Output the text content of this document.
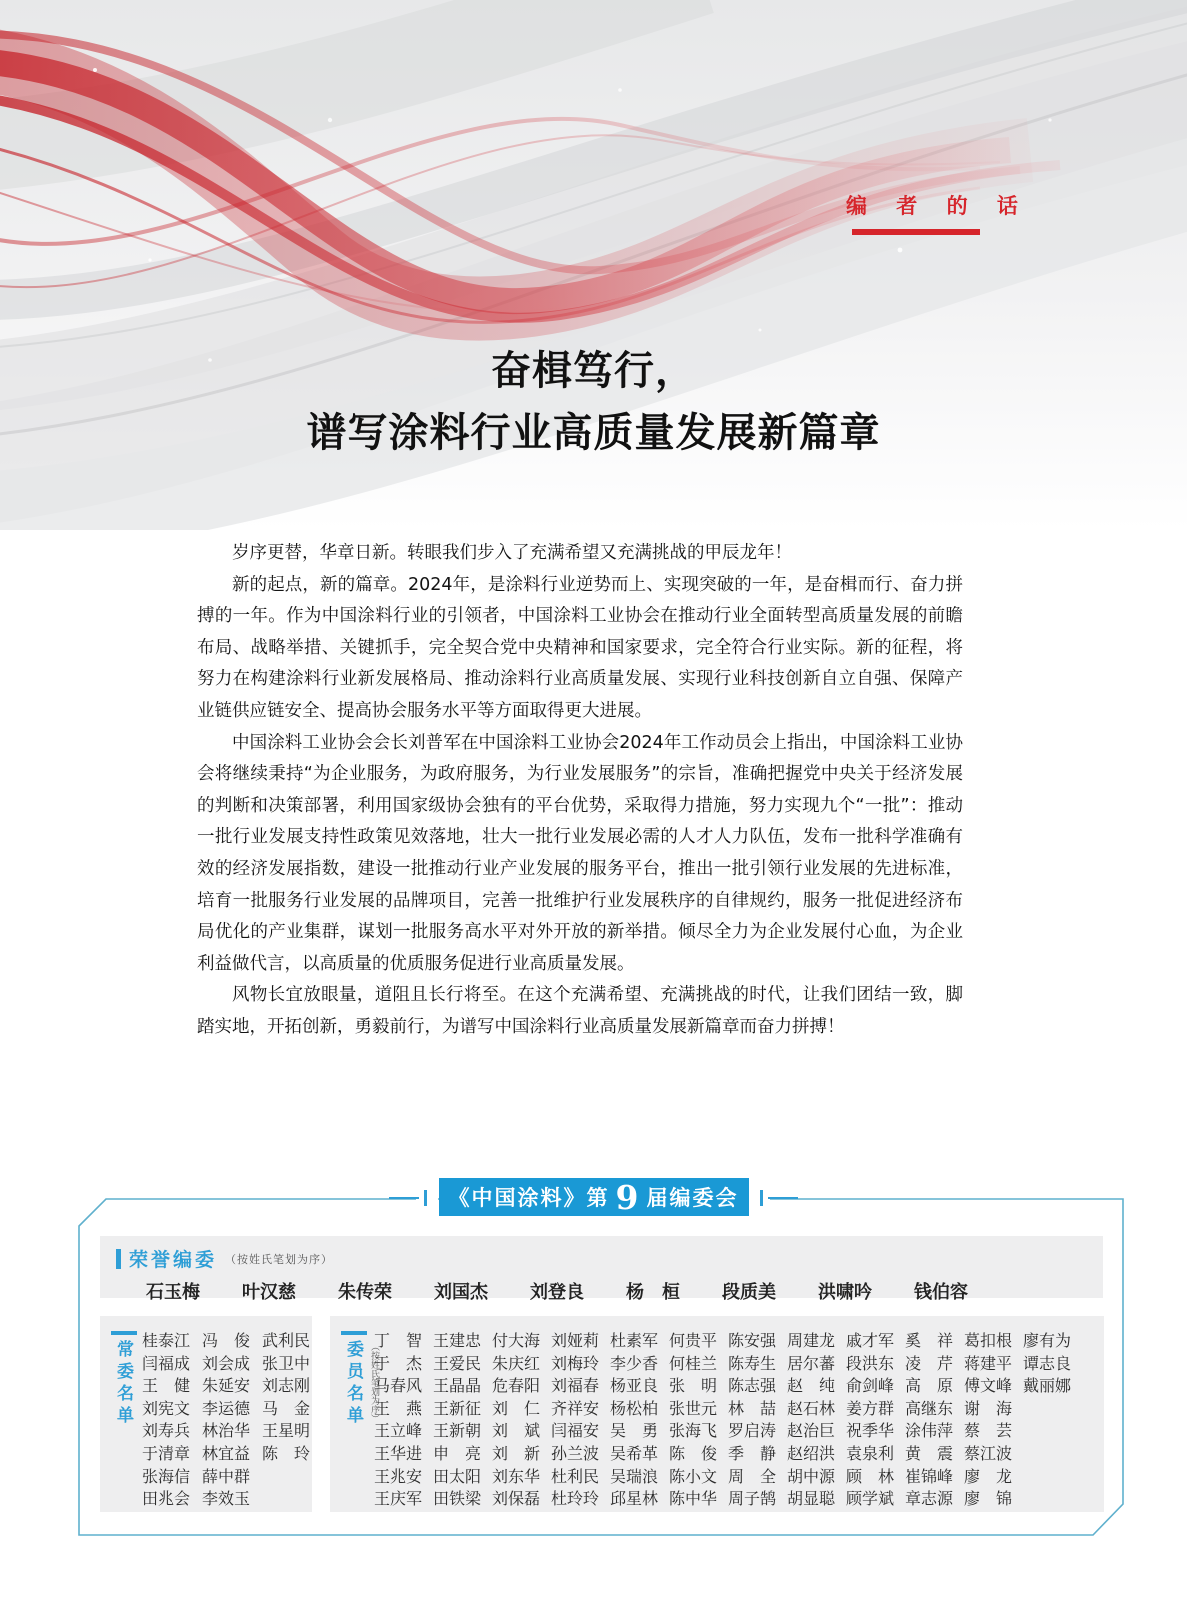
编 者 的 话
奋楫笃行，
谱写涂料行业高质量发展新篇章

岁序更替，华章日新。转眼我们步入了充满希望又充满挑战的甲辰龙年！

新的起点，新的篇章。2024年，是涂料行业逆势而上、实现突破的一年，是奋楫而行、奋力拼搏的一年。作为中国涂料行业的引领者，中国涂料工业协会在推动行业全面转型高质量发展的前瞻布局、战略举措、关键抓手，完全契合党中央精神和国家要求，完全符合行业实际。新的征程，将努力在构建涂料行业新发展格局、推动涂料行业高质量发展、实现行业科技创新自立自强、保障产业链供应链安全、提高协会服务水平等方面取得更大进展。

中国涂料工业协会会长刘普军在中国涂料工业协会2024年工作动员会上指出，中国涂料工业协会将继续秉持“为企业服务，为政府服务，为行业发展服务”的宗旨，准确把握党中央关于经济发展的判断和决策部署，利用国家级协会独有的平台优势，采取得力措施，努力实现九个“一批”：推动一批行业发展支持性政策见效落地，壮大一批行业发展必需的人才人力队伍，发布一批科学准确有效的经济发展指数，建设一批推动行业产业发展的服务平台，推出一批引领行业发展的先进标准，培育一批服务行业发展的品牌项目，完善一批维护行业发展秩序的自律规约，服务一批促进经济布局优化的产业集群，谋划一批服务高水平对外开放的新举措。倾尽全力为企业发展付心血，为企业利益做代言，以高质量的优质服务促进行业高质量发展。

风物长宜放眼量，道阻且长行将至。在这个充满希望、充满挑战的时代，让我们团结一致，脚踏实地，开拓创新，勇毅前行，为谱写中国涂料行业高质量发展新篇章而奋力拼搏！

《中国涂料》第 9 届编委会
荣誉编委 （按姓氏笔划为序）
石玉梅 叶汉慈 朱传荣 刘国杰 刘登良 杨　桓 段质美 洪啸吟 钱伯容
常委名单 桂泰江
闫福成
王　健
刘宪文
刘寿兵
于清章
张海信
田兆会
冯　俊
刘会成
朱延安
李运德
林治华
林宜益
薛中群
李效玉
武利民
张卫中
刘志刚
马　金
王星明
陈　玲
委员名单 （按姓氏笔划为序）
丁　智 王建忠 付大海 刘娅莉 杜素军 何贵平 陈安强 周建龙 戚才军 奚　祥 葛扣根 廖有为
于　杰 王爱民 朱庆红 刘梅玲 李少香 何桂兰 陈寿生 居尔蕃 段洪东 凌　芹 蒋建平 谭志良
马春风 王晶晶 危春阳 刘福春 杨亚良 张　明 陈志强 赵　纯 俞剑峰 高　原 傅文峰 戴丽娜
王　燕 王新征 刘　仁 齐祥安 杨松柏 张世元 林　喆 赵石林 姜方群 高继东 谢　海
王立峰 王新朝 刘　斌 闫福安 吴　勇 张海飞 罗启涛 赵治巨 祝季华 涂伟萍 蔡　芸
王华进 申　亮 刘　新 孙兰波 吴希革 陈　俊 季　静 赵绍洪 袁泉利 黄　震 蔡江波
王兆安 田太阳 刘东华 杜利民 吴瑞浪 陈小文 周　全 胡中源 顾　林 崔锦峰 廖　龙
王庆军 田铁梁 刘保磊 杜玲玲 邱星林 陈中华 周子鹄 胡显聪 顾学斌 章志源 廖　锦
